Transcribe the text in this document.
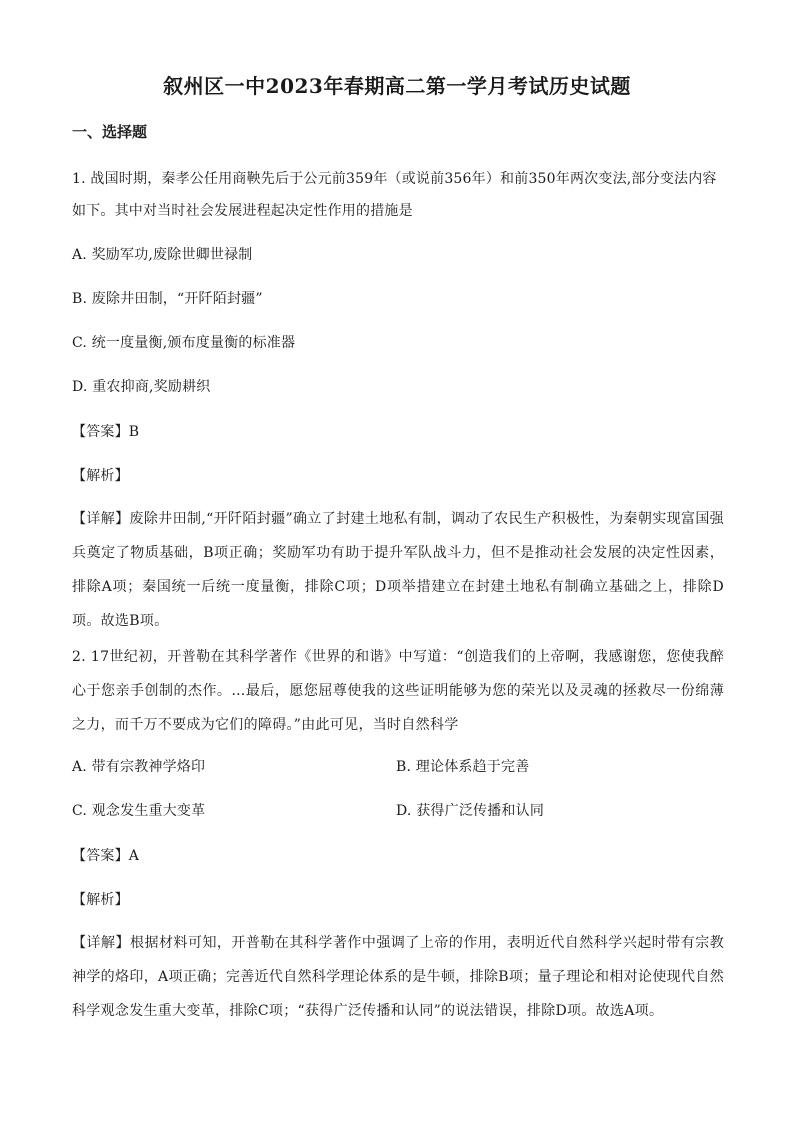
叙州区一中2023年春期高二第一学月考试历史试题
一、选择题
1. 战国时期，秦孝公任用商鞅先后于公元前359年（或说前356年）和前350年两次变法,部分变法内容
如下。其中对当时社会发展进程起决定性作用的措施是
A. 奖励军功,废除世卿世禄制
B. 废除井田制，“开阡陌封疆”
C. 统一度量衡,颁布度量衡的标准器
D. 重农抑商,奖励耕织
【答案】B
【解析】
【详解】废除井田制,“开阡陌封疆”确立了封建土地私有制，调动了农民生产积极性，为秦朝实现富国强兵奠定了物质基础，B项正确；奖励军功有助于提升军队战斗力，但不是推动社会发展的决定性因素，排除A项；秦国统一后统一度量衡，排除C项；D项举措建立在封建土地私有制确立基础之上，排除D项。故选B项。
2. 17世纪初，开普勒在其科学著作《世界的和谐》中写道：“创造我们的上帝啊，我感谢您，您使我醉心于您亲手创制的杰作。…最后，愿您屈尊使我的这些证明能够为您的荣光以及灵魂的拯救尽一份绵薄之力，而千万不要成为它们的障碍。”由此可见，当时自然科学
A. 带有宗教神学烙印	B. 理论体系趋于完善
C. 观念发生重大变革	D. 获得广泛传播和认同
【答案】A
【解析】
【详解】根据材料可知，开普勒在其科学著作中强调了上帝的作用，表明近代自然科学兴起时带有宗教神学的烙印，A项正确；完善近代自然科学理论体系的是牛顿，排除B项；量子理论和相对论使现代自然科学观念发生重大变革，排除C项；“获得广泛传播和认同”的说法错误，排除D项。故选A项。
